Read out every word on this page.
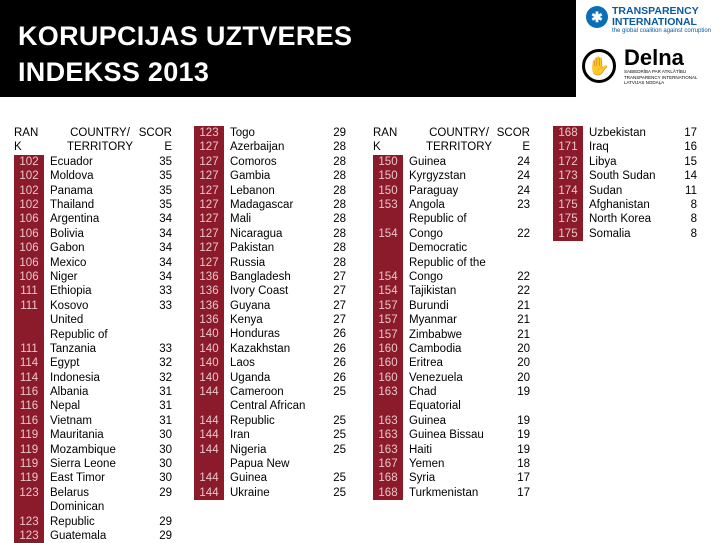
KORUPCIJAS UZTVERES
INDEKSS 2013
✱ TRANSPARENCY
INTERNATIONAL
the global coalition against corruption
✋ Delna
SABIEDRĪBA PAR ATKLĀTĪBU
TRANSPARENCY INTERNATIONAL
LATVIJAS NODAĻA
RAN
K
COUNTRY/
TERRITORY
SCOR
E
102 Ecuador	35
102 Moldova	35
102 Panama	35
102 Thailand	35
106 Argentina	34
106 Bolivia	34
106 Gabon	34
106 Mexico	34
106 Niger	34
111	Ethiopia	33
111	Kosovo	33
111
United
Republic of
Tanzania	33
114	Egypt	32
114	Indonesia	32
116	Albania	31
116	Nepal	31
116	Vietnam	31
119	Mauritania	30
119	Mozambique	30
119	Sierra Leone	30
119	East Timor	30
123 Belarus	29
123
Dominican
Republic	29
123 Guatemala	29
123 Togo	29
127 Azerbaijan	28
127 Comoros	28
127 Gambia	28
127 Lebanon	28
127 Madagascar	28
127 Mali	28
127 Nicaragua	28
127 Pakistan	28
127 Russia	28
136 Bangladesh	27
136 Ivory Coast	27
136 Guyana	27
136 Kenya	27
140 Honduras	26
140 Kazakhstan	26
140 Laos	26
140 Uganda	26
144 Cameroon	25
144
Central African
Republic	25
144 Iran	25
144 Nigeria	25
144
Papua New
Guinea	25
144 Ukraine	25
RAN
K
COUNTRY/
TERRITORY
SCOR
E
150 Guinea	24
150 Kyrgyzstan	24
150 Paraguay	24
153 Angola	23
154
Republic of
Congo	22
154
Democratic
Republic of the
Congo	22
154 Tajikistan	22
157 Burundi	21
157 Myanmar	21
157 Zimbabwe	21
160 Cambodia	20
160 Eritrea	20
160 Venezuela	20
163 Chad	19
163
Equatorial
Guinea	19
163 Guinea Bissau	19
163 Haiti	19
167 Yemen	18
168 Syria	17
168 Turkmenistan	17
168 Uzbekistan	17
171 Iraq	16
172 Libya	15
173 South Sudan	14
174 Sudan	11
175 Afghanistan	8
175 North Korea	8
175 Somalia	8
